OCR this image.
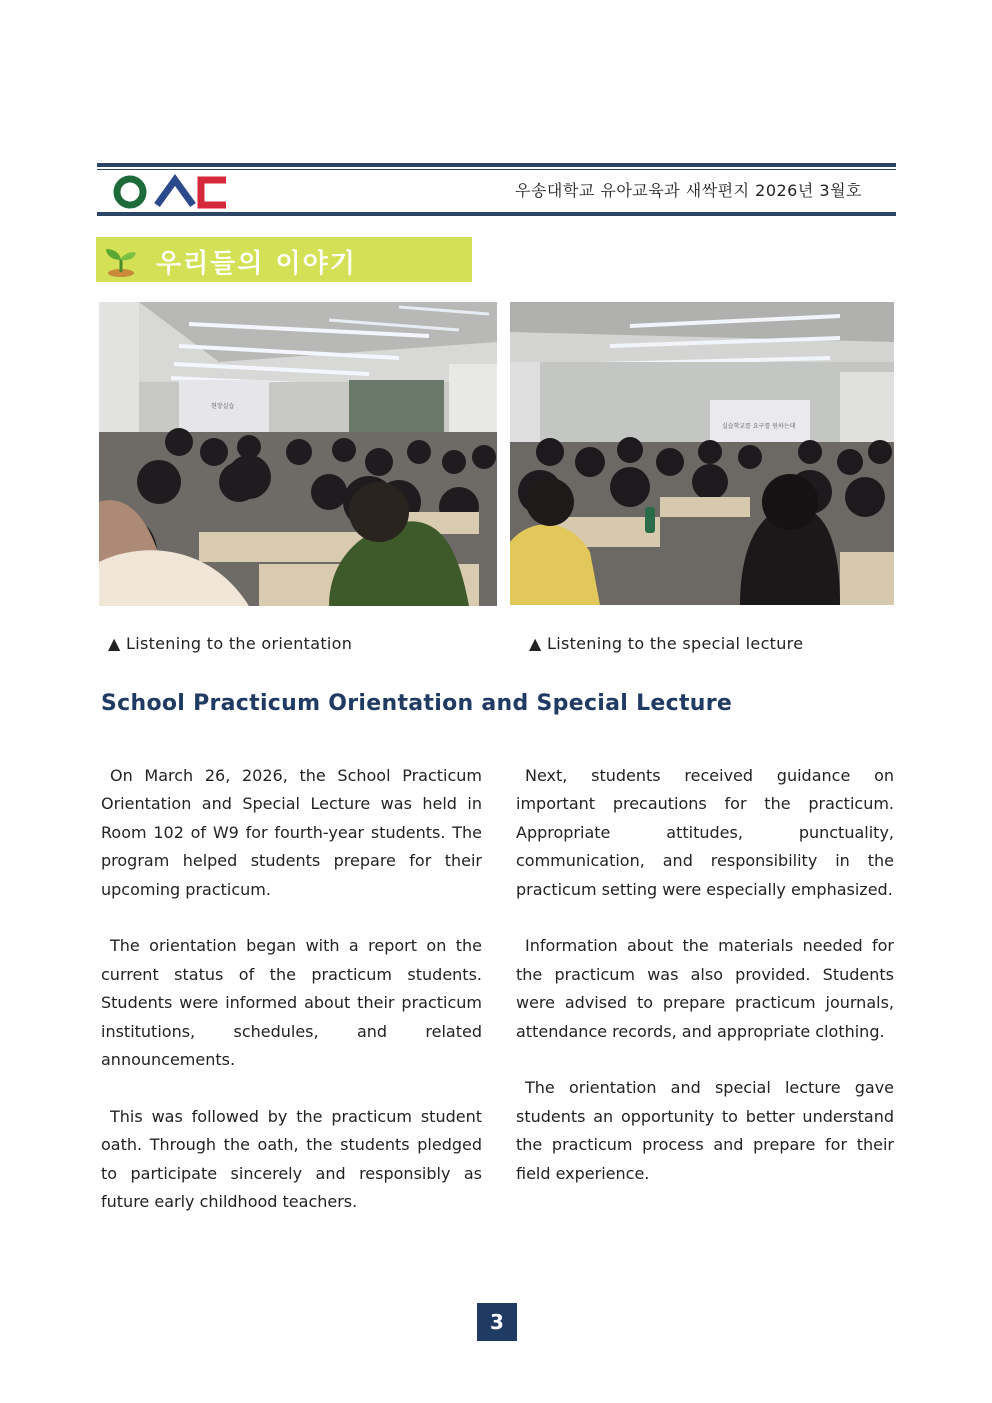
우송대학교 유아교육과 새싹편지 2026년 3월호
우리들의 이야기
현장실습
실습학교를 요구를 원하는데
▲ Listening to the orientation	▲ Listening to the special lecture
School Practicum Orientation and Special Lecture

On March 26, 2026, the School Practicum Orientation and Special Lecture was held in Room 102 of W9 for fourth-year students. The program helped students prepare for their upcoming practicum.

The orientation began with a report on the current status of the practicum students. Students were informed about their practicum institutions, schedules, and related announcements.

This was followed by the practicum student oath. Through the oath, the students pledged to participate sincerely and responsibly as future early childhood teachers.

Next, students received guidance on important precautions for the practicum. Appropriate attitudes, punctuality, communication, and responsibility in the practicum setting were especially emphasized.

Information about the materials needed for the practicum was also provided. Students were advised to prepare practicum journals, attendance records, and appropriate clothing.

The orientation and special lecture gave students an opportunity to better understand the practicum process and prepare for their field experience.

3
